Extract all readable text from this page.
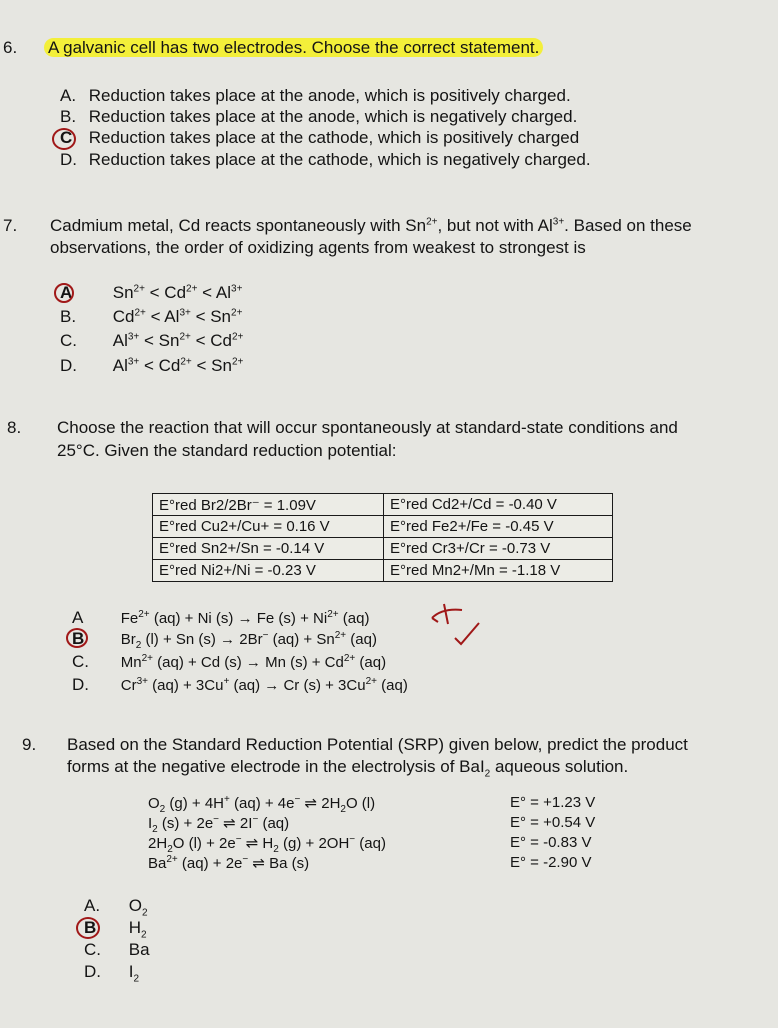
6. A galvanic cell has two electrodes. Choose the correct statement.
A. Reduction takes place at the anode, which is positively charged.
B. Reduction takes place at the anode, which is negatively charged.
C Reduction takes place at the cathode, which is positively charged
D. Reduction takes place at the cathode, which is negatively charged.
7. Cadmium metal, Cd reacts spontaneously with $Sn^{2+}$, but not with $Al^{3+}$. Based on these
observations, the order of oxidizing agents from weakest to strongest is
A $Sn^{2+} < Cd^{2+} < Al^{3+}$
B. $Cd^{2+} < Al^{3+} < Sn^{2+}$
C. $Al^{3+} < Sn^{2+} < Cd^{2+}$
D. $Al^{3+} < Cd^{2+} < Sn^{2+}$
8. Choose the reaction that will occur spontaneously at standard-state conditions and
25°C. Given the standard reduction potential:
E°red Br2/2Br⁻ = 1.09V	E°red Cd2+/Cd = -0.40 V
E°red Cu2+/Cu+ = 0.16 V	E°red Fe2+/Fe = -0.45 V
E°red Sn2+/Sn = -0.14 V	E°red Cr3+/Cr = -0.73 V
E°red Ni2+/Ni = -0.23 V	E°red Mn2+/Mn = -1.18 V
A $Fe^{2+}$ (aq) + Ni (s) → Fe $(s) + Ni^{2+}$ (aq)
B $Br_2$ (l) + Sn (s) → 2Br− $(aq) + Sn^{2+}$ (aq)
C. $Mn^{2+}$ (aq) + Cd (s) → Mn $(s) + Cd^{2+}$ (aq)
D. $Cr^{3+}$ (aq) + 3Cu+ (aq) → Cr $(s) + 3Cu^{2+}$ (aq)
9. Based on the Standard Reduction Potential (SRP) given below, predict the product
forms at the negative electrode in the electrolysis of BaI$_2$ aqueous solution.
$O_2$ (g) + 4H+ (aq) + 4e− ⇌ $2H_2O$ (l)	E° = +1.23 V
$I_2$ (s) + 2e− ⇌ 2I− (aq)	E° = +0.54 V
$2H_2O$ (l) + 2e− ⇌ $H_2$ (g) + 2OH− (aq)	E° = -0.83 V
$Ba^{2+}$ (aq) + 2e− ⇌ Ba (s)	E° = -2.90 V
A. $O_2$
B $H_2$
C. Ba
D. $I_2$
